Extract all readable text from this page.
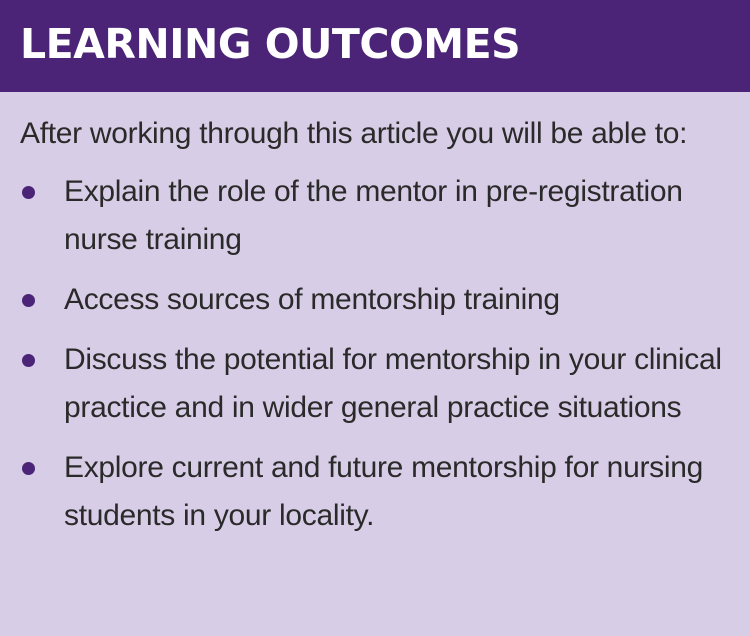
LEARNING OUTCOMES

After working through this article you will be able to:

Explain the role of the mentor in pre-registration nurse training
Access sources of mentorship training
Discuss the potential for mentorship in your clinical practice and in wider general practice situations
Explore current and future mentorship for nursing students in your locality.
